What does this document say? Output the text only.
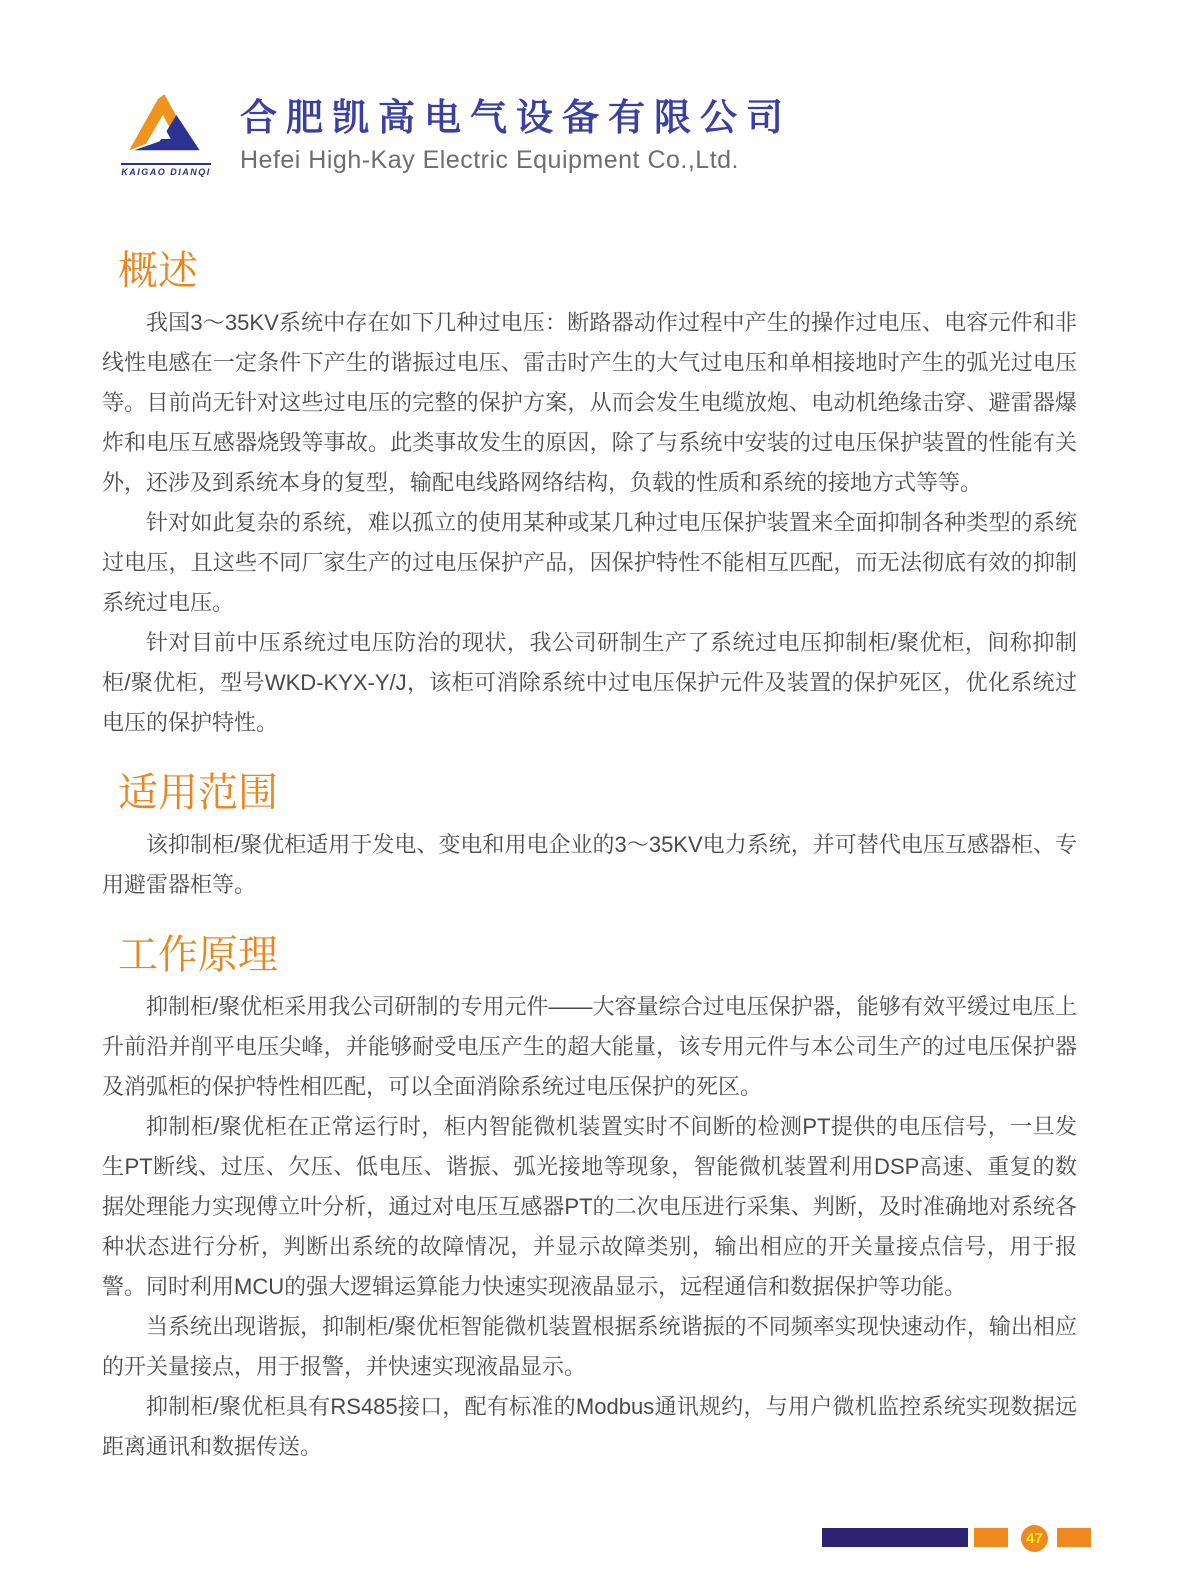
KAIGAO DIANQI
合肥凯高电气设备有限公司
Hefei High-Kay Electric Equipment Co.,Ltd.
概述

我国3～35KV系统中存在如下几种过电压：断路器动作过程中产生的操作过电压、电容元件和非线性电感在一定条件下产生的谐振过电压、雷击时产生的大气过电压和单相接地时产生的弧光过电压等。目前尚无针对这些过电压的完整的保护方案，从而会发生电缆放炮、电动机绝缘击穿、避雷器爆炸和电压互感器烧毁等事故。此类事故发生的原因，除了与系统中安装的过电压保护装置的性能有关外，还涉及到系统本身的复型，输配电线路网络结构，负载的性质和系统的接地方式等等。

针对如此复杂的系统，难以孤立的使用某种或某几种过电压保护装置来全面抑制各种类型的系统过电压，且这些不同厂家生产的过电压保护产品，因保护特性不能相互匹配，而无法彻底有效的抑制系统过电压。

针对目前中压系统过电压防治的现状，我公司研制生产了系统过电压抑制柜/聚优柜，间称抑制柜/聚优柜，型号WKD-KYX-Y/J，该柜可消除系统中过电压保护元件及装置的保护死区，优化系统过电压的保护特性。

适用范围

该抑制柜/聚优柜适用于发电、变电和用电企业的3～35KV电力系统，并可替代电压互感器柜、专用避雷器柜等。

工作原理

抑制柜/聚优柜采用我公司研制的专用元件——大容量综合过电压保护器，能够有效平缓过电压上升前沿并削平电压尖峰，并能够耐受电压产生的超大能量，该专用元件与本公司生产的过电压保护器及消弧柜的保护特性相匹配，可以全面消除系统过电压保护的死区。

抑制柜/聚优柜在正常运行时，柜内智能微机装置实时不间断的检测PT提供的电压信号，一旦发生PT断线、过压、欠压、低电压、谐振、弧光接地等现象，智能微机装置利用DSP高速、重复的数据处理能力实现傅立叶分析，通过对电压互感器PT的二次电压进行采集、判断，及时准确地对系统各种状态进行分析，判断出系统的故障情况，并显示故障类别，输出相应的开关量接点信号，用于报警。同时利用MCU的强大逻辑运算能力快速实现液晶显示，远程通信和数据保护等功能。

当系统出现谐振，抑制柜/聚优柜智能微机装置根据系统谐振的不同频率实现快速动作，输出相应的开关量接点，用于报警，并快速实现液晶显示。

抑制柜/聚优柜具有RS485接口，配有标准的Modbus通讯规约，与用户微机监控系统实现数据远距离通讯和数据传送。

47
